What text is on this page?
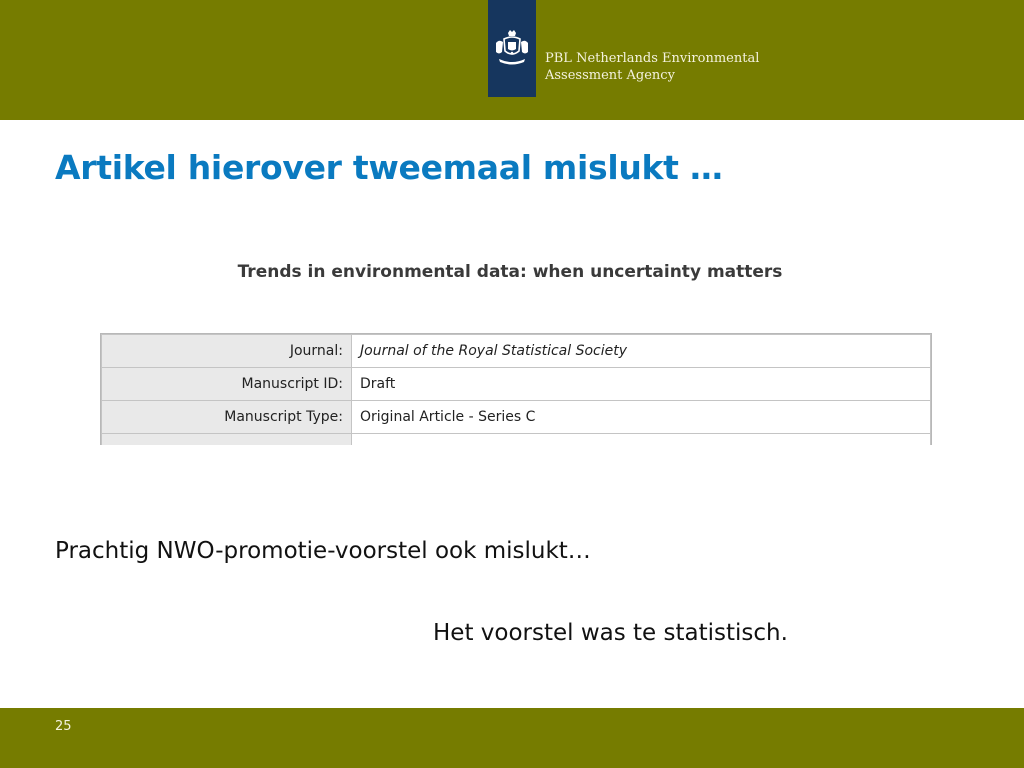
PBL Netherlands Environmental
Assessment Agency
Artikel hierover tweemaal mislukt …
Trends in environmental data: when uncertainty matters
Journal:	Journal of the Royal Statistical Society
Manuscript ID:	Draft
Manuscript Type:	Original Article - Series C

Prachtig NWO-promotie-voorstel ook mislukt…

Het voorstel was te statistisch.

25
